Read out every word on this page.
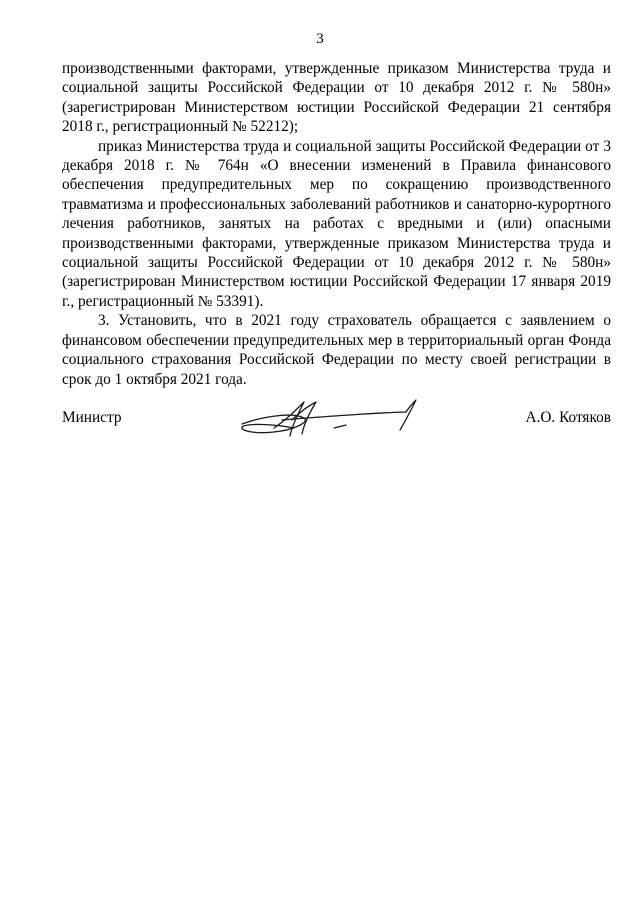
3

производственными факторами, утвержденные приказом Министерства труда и социальной защиты Российской Федерации от 10 декабря 2012 г. № 580н» (зарегистрирован Министерством юстиции Российской Федерации 21 сентября 2018 г., регистрационный № 52212);

приказ Министерства труда и социальной защиты Российской Федерации от 3 декабря 2018 г. № 764н «О внесении изменений в Правила финансового обеспечения предупредительных мер по сокращению производственного травматизма и профессиональных заболеваний работников и санаторно-курортного лечения работников, занятых на работах с вредными и (или) опасными производственными факторами, утвержденные приказом Министерства труда и социальной защиты Российской Федерации от 10 декабря 2012 г. № 580н» (зарегистрирован Министерством юстиции Российской Федерации 17 января 2019 г., регистрационный № 53391).

3. Установить, что в 2021 году страхователь обращается с заявлением о финансовом обеспечении предупредительных мер в территориальный орган Фонда социального страхования Российской Федерации по месту своей регистрации в срок до 1 октября 2021 года.

Министр	А.О. Котяков
